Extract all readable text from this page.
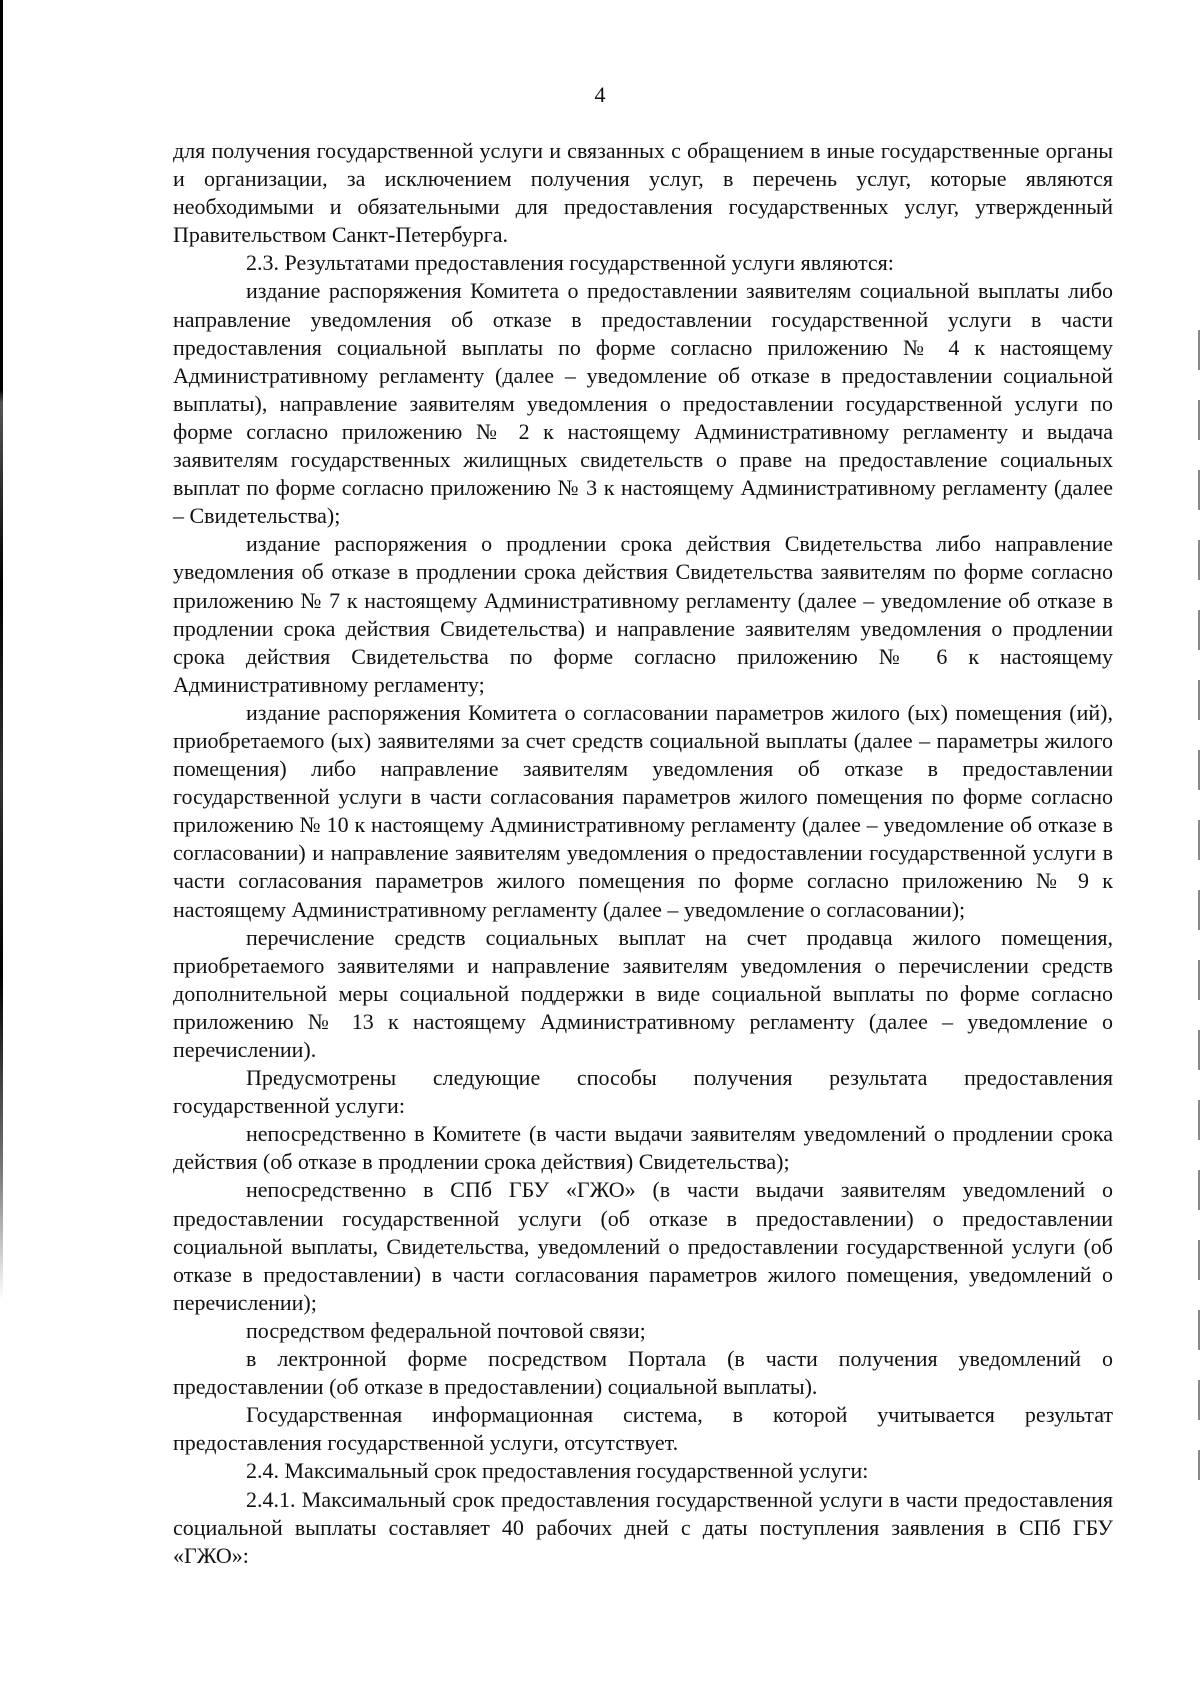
4

для получения государственной услуги и связанных с обращением в иные государственные органы и организации, за исключением получения услуг, в перечень услуг, которые являются необходимыми и обязательными для предоставления государственных услуг, утвержденный Правительством Санкт-Петербурга.

2.3. Результатами предоставления государственной услуги являются:

издание распоряжения Комитета о предоставлении заявителям социальной выплаты либо направление уведомления об отказе в предоставлении государственной услуги в части предоставления социальной выплаты по форме согласно приложению № 4 к настоящему Административному регламенту (далее – уведомление об отказе в предоставлении социальной выплаты), направление заявителям уведомления о предоставлении государственной услуги по форме согласно приложению № 2 к настоящему Административному регламенту и выдача заявителям государственных жилищных свидетельств о праве на предоставление социальных выплат по форме согласно приложению № 3 к настоящему Административному регламенту (далее – Свидетельства);

издание распоряжения о продлении срока действия Свидетельства либо направление уведомления об отказе в продлении срока действия Свидетельства заявителям по форме согласно приложению № 7 к настоящему Административному регламенту (далее – уведомление об отказе в продлении срока действия Свидетельства) и направление заявителям уведомления о продлении срока действия Свидетельства по форме согласно приложению № 6 к настоящему Административному регламенту;

издание распоряжения Комитета о согласовании параметров жилого (ых) помещения (ий), приобретаемого (ых) заявителями за счет средств социальной выплаты (далее – параметры жилого помещения) либо направление заявителям уведомления об отказе в предоставлении государственной услуги в части согласования параметров жилого помещения по форме согласно приложению № 10 к настоящему Административному регламенту (далее – уведомление об отказе в согласовании) и направление заявителям уведомления о предоставлении государственной услуги в части согласования параметров жилого помещения по форме согласно приложению № 9 к настоящему Административному регламенту (далее – уведомление о согласовании);

перечисление средств социальных выплат на счет продавца жилого помещения, приобретаемого заявителями и направление заявителям уведомления о перечислении средств дополнительной меры социальной поддержки в виде социальной выплаты по форме согласно приложению № 13 к настоящему Административному регламенту (далее – уведомление о перечислении).

Предусмотрены следующие способы получения результата предоставления государственной услуги:

непосредственно в Комитете (в части выдачи заявителям уведомлений о продлении срока действия (об отказе в продлении срока действия) Свидетельства);

непосредственно в СПб ГБУ «ГЖО» (в части выдачи заявителям уведомлений о предоставлении государственной услуги (об отказе в предоставлении) о предоставлении социальной выплаты, Свидетельства, уведомлений о предоставлении государственной услуги (об отказе в предоставлении) в части согласования параметров жилого помещения, уведомлений о перечислении);

посредством федеральной почтовой связи;

в лектронной форме посредством Портала (в части получения уведомлений о предоставлении (об отказе в предоставлении) социальной выплаты).

Государственная информационная система, в которой учитывается результат предоставления государственной услуги, отсутствует.

2.4. Максимальный срок предоставления государственной услуги:

2.4.1. Максимальный срок предоставления государственной услуги в части предоставления социальной выплаты составляет 40 рабочих дней с даты поступления заявления в СПб ГБУ «ГЖО»:
